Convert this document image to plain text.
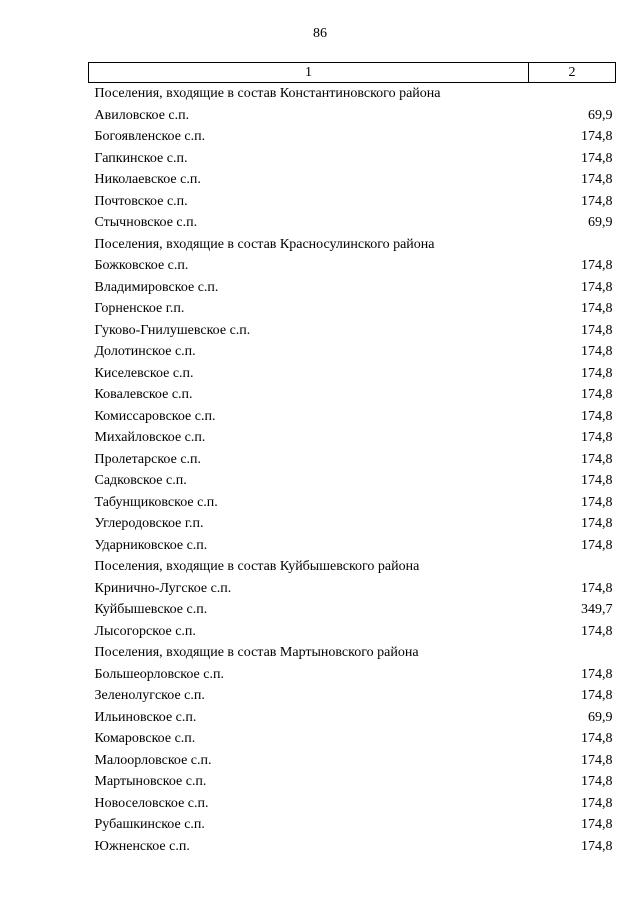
86
1	2
Поселения, входящие в состав Константиновского района	
Авиловское с.п.	69,9
Богоявленское с.п.	174,8
Гапкинское с.п.	174,8
Николаевское с.п.	174,8
Почтовское с.п.	174,8
Стычновское с.п.	69,9
Поселения, входящие в состав Красносулинского района	
Божковское с.п.	174,8
Владимировское с.п.	174,8
Горненское г.п.	174,8
Гуково-Гнилушевское с.п.	174,8
Долотинское с.п.	174,8
Киселевское с.п.	174,8
Ковалевское с.п.	174,8
Комиссаровское с.п.	174,8
Михайловское с.п.	174,8
Пролетарское с.п.	174,8
Садковское с.п.	174,8
Табунщиковское с.п.	174,8
Углеродовское г.п.	174,8
Ударниковское с.п.	174,8
Поселения, входящие в состав Куйбышевского района	
Кринично-Лугское с.п.	174,8
Куйбышевское с.п.	349,7
Лысогорское с.п.	174,8
Поселения, входящие в состав Мартыновского района	
Большеорловское с.п.	174,8
Зеленолугское с.п.	174,8
Ильиновское с.п.	69,9
Комаровское с.п.	174,8
Малоорловское с.п.	174,8
Мартыновское с.п.	174,8
Новоселовское с.п.	174,8
Рубашкинское с.п.	174,8
Южненское с.п.	174,8
